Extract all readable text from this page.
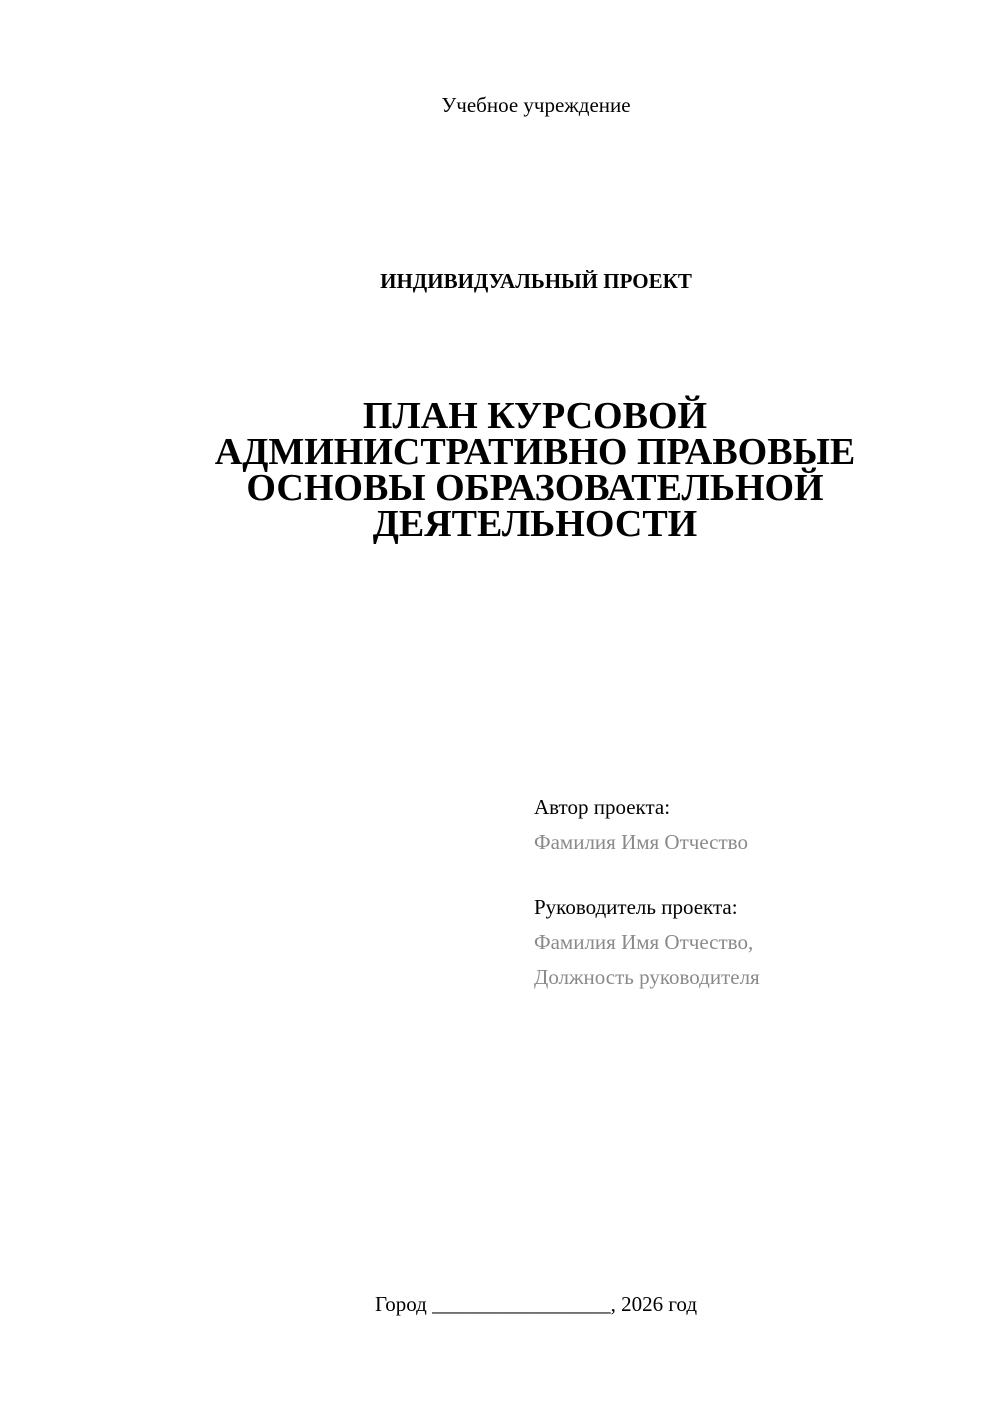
Учебное учреждение
ИНДИВИДУАЛЬНЫЙ ПРОЕКТ
ПЛАН КУРСОВОЙ
АДМИНИСТРАТИВНО ПРАВОВЫЕ
ОСНОВЫ ОБРАЗОВАТЕЛЬНОЙ
ДЕЯТЕЛЬНОСТИ
Автор проекта:
Фамилия Имя Отчество
Руководитель проекта:
Фамилия Имя Отчество,
Должность руководителя
Город _________________, 2026 год
